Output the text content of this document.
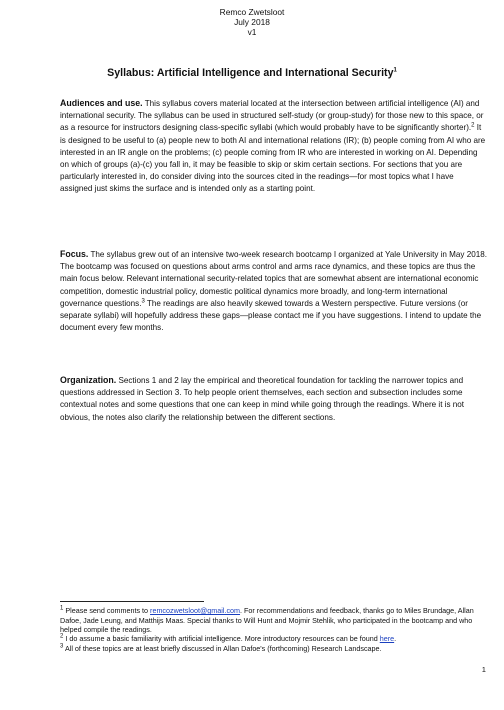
Remco Zwetsloot
July 2018
v1
Syllabus: Artificial Intelligence and International Security$^1$

Audiences and use. This syllabus covers material located at the intersection between artificial intelligence (AI) and international security. The syllabus can be used in structured self-study (or group-study) for those new to this space, or as a resource for instructors designing class-specific syllabi (which would probably have to be significantly shorter).$^2$ It is designed to be useful to (a) people new to both AI and international relations (IR); (b) people coming from AI who are interested in an IR angle on the problems; (c) people coming from IR who are interested in working on AI. Depending on which of groups (a)-(c) you fall in, it may be feasible to skip or skim certain sections. For sections that you are particularly interested in, do consider diving into the sources cited in the readings—for most topics what I have assigned just skims the surface and is intended only as a starting point.

Focus. The syllabus grew out of an intensive two-week research bootcamp I organized at Yale University in May 2018. The bootcamp was focused on questions about arms control and arms race dynamics, and these topics are thus the main focus below. Relevant international security-related topics that are somewhat absent are international economic competition, domestic industrial policy, domestic political dynamics more broadly, and long-term international governance questions.$^3$ The readings are also heavily skewed towards a Western perspective. Future versions (or separate syllabi) will hopefully address these gaps—please contact me if you have suggestions. I intend to update the document every few months.

Organization. Sections 1 and 2 lay the empirical and theoretical foundation for tackling the narrower topics and questions addressed in Section 3. To help people orient themselves, each section and subsection includes some contextual notes and some questions that one can keep in mind while going through the readings. Where it is not obvious, the notes also clarify the relationship between the different sections.

$^1$ Please send comments to remcozwetsloot@gmail.com. For recommendations and feedback, thanks go to Miles Brundage, Allan Dafoe, Jade Leung, and Matthijs Maas. Special thanks to Will Hunt and Mojmir Stehlik, who participated in the bootcamp and who helped compile the readings.

$^2$ I do assume a basic familiarity with artificial intelligence. More introductory resources can be found here.

$^3$ All of these topics are at least briefly discussed in Allan Dafoe's (forthcoming) Research Landscape.

1
